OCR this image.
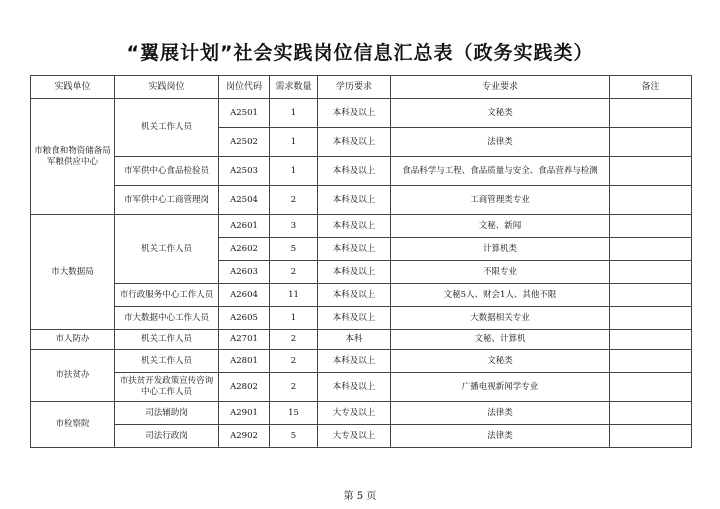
“翼展计划”社会实践岗位信息汇总表（政务实践类）
实践单位	实践岗位	岗位代码	需求数量	学历要求	专业要求	备注
市粮食和物资储备局军粮供应中心	机关工作人员	A2501	1	本科及以上	文秘类	
		A2502	1	本科及以上	法律类	
	市军供中心食品检验员	A2503	1	本科及以上	食品科学与工程、食品质量与安全、食品营养与检测	
	市军供中心工商管理岗	A2504	2	本科及以上	工商管理类专业	
市大数据局	机关工作人员	A2601	3	本科及以上	文秘、新闻	
		A2602	5	本科及以上	计算机类	
		A2603	2	本科及以上	不限专业	
	市行政服务中心工作人员	A2604	11	本科及以上	文秘5人、财会1人、其他不限	
	市大数据中心工作人员	A2605	1	本科及以上	大数据相关专业	
市人防办	机关工作人员	A2701	2	本科	文秘、计算机	
市扶贫办	机关工作人员	A2801	2	本科及以上	文秘类	
	市扶贫开发政策宣传咨询中心工作人员	A2802	2	本科及以上	广播电视新闻学专业	
市检察院	司法辅助岗	A2901	15	大专及以上	法律类	
	司法行政岗	A2902	5	大专及以上	法律类	
第 5 页
